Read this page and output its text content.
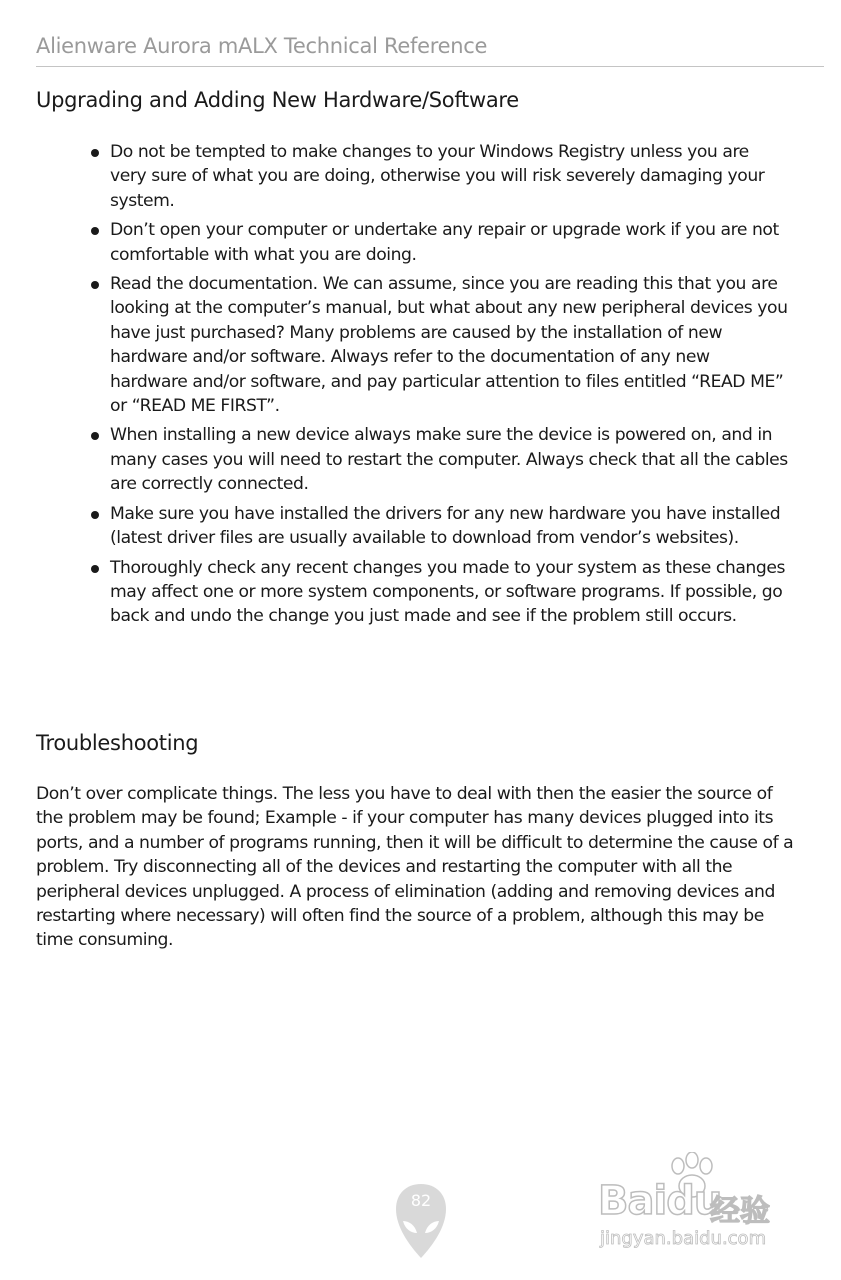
Alienware Aurora mALX Technical Reference
Upgrading and Adding New Hardware/Software
Do not be tempted to make changes to your Windows Registry unless you are very sure of what you are doing, otherwise you will risk severely damaging your system.
Don’t open your computer or undertake any repair or upgrade work if you are not comfortable with what you are doing.
Read the documentation. We can assume, since you are reading this that you are looking at the computer’s manual, but what about any new peripheral devices you have just purchased? Many problems are caused by the installation of new hardware and/or software. Always refer to the documentation of any new hardware and/or software, and pay particular attention to files entitled “READ ME” or “READ ME FIRST”.
When installing a new device always make sure the device is powered on, and in many cases you will need to restart the computer. Always check that all the cables are correctly connected.
Make sure you have installed the drivers for any new hardware you have installed (latest driver files are usually available to download from vendor’s websites).
Thoroughly check any recent changes you made to your system as these changes may affect one or more system components, or software programs. If possible, go back and undo the change you just made and see if the problem still occurs.
Troubleshooting

Don’t over complicate things. The less you have to deal with then the easier the source of the problem may be found; Example - if your computer has many devices plugged into its ports, and a number of programs running, then it will be difficult to determine the cause of a problem. Try disconnecting all of the devices and restarting the computer with all the peripheral devices unplugged. A process of elimination (adding and removing devices and restarting where necessary) will often find the source of a problem, although this may be time consuming.

82	Baidu
经验
jingyan.baidu.com
